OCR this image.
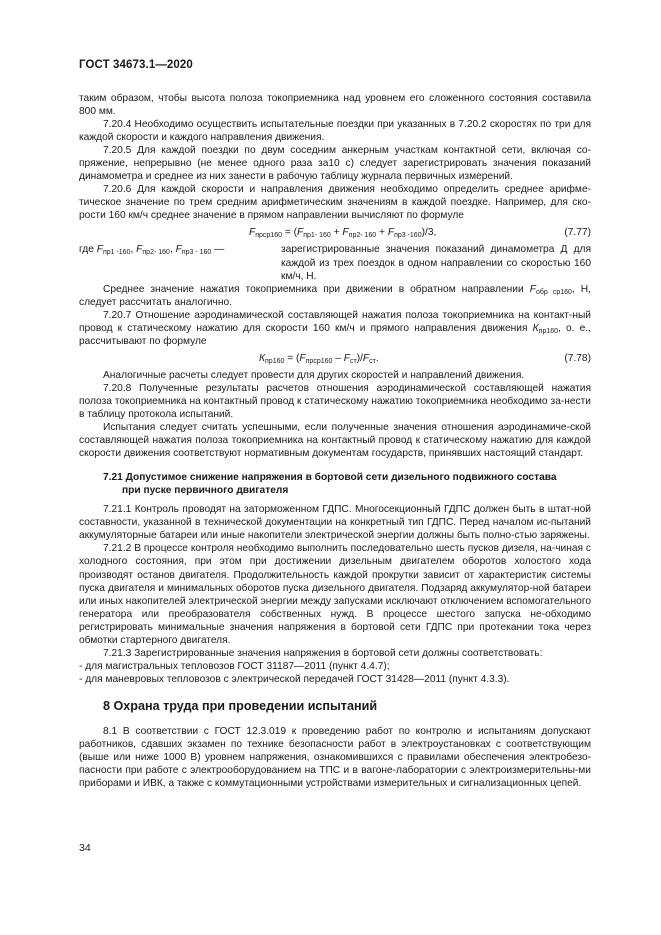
ГОСТ 34673.1—2020

таким образом, чтобы высота полоза токоприемника над уровнем его сложенного состояния составила 800 мм.

7.20.4 Необходимо осуществить испытательные поездки при указанных в 7.20.2 скоростях по три для каждой скорости и каждого направления движения.

7.20.5 Для каждой поездки по двум соседним анкерным участкам контактной сети, включая со-пряжение, непрерывно (не менее одного раза за10 с) следует зарегистрировать значения показаний динамометра и среднее из них занести в рабочую таблицу журнала первичных измерений.

7.20.6 Для каждой скорости и направления движения необходимо определить среднее арифме-тическое значение по трем средним арифметическим значениям в каждой поездке. Например, для ско-рости 160 км/ч среднее значение в прямом направлении вычисляют по формуле

$F_{прср160} = (F_{пр1- 160} + F_{пр2- 160} + F_{пр3 -160})/3$,	(7.77)
где $F_{пр1 -160}$, $F_{пр2- 160}$, $F_{пр3 - 160}$ —	зарегистрированные значения показаний динамометра Д для каждой из трех поездок в одном направлении со скоростью 160 км/ч, Н.

Среднее значение нажатия токоприемника при движении в обратном направлении $F_{обр ср160}$, Н, следует рассчитать аналогично.

7.20.7 Отношение аэродинамической составляющей нажатия полоза токоприемника на контакт-ный провод к статическому нажатию для скорости 160 км/ч и прямого направления движения $К_{пр160}$, о. е., рассчитывают по формуле

$К_{пр160} = (F_{прср160} - F_{ст})/F_{ст}$.	(7.78)

Аналогичные расчеты следует провести для других скоростей и направлений движения.

7.20.8 Полученные результаты расчетов отношения аэродинамической составляющей нажатия полоза токоприемника на контактный провод к статическому нажатию токоприемника необходимо за-нести в таблицу протокола испытаний.

Испытания следует считать успешными, если полученные значения отношения аэродинамиче-ской составляющей нажатия полоза токоприемника на контактный провод к статическому нажатию для каждой скорости движения соответствуют нормативным документам государств, принявших настоящий стандарт.

7.21 Допустимое снижение напряжения в бортовой сети дизельного подвижного состава
при пуске первичного двигателя

7.21.1 Контроль проводят на заторможенном ГДПС. Многосекционный ГДПС должен быть в штат-ной составности, указанной в технической документации на конкретный тип ГДПС. Перед началом ис-пытаний аккумуляторные батареи или иные накопители электрической энергии должны быть полно-стью заряжены.

7.21.2 В процессе контроля необходимо выполнить последовательно шесть пусков дизеля, на-чиная с холодного состояния, при этом при достижении дизельным двигателем оборотов холостого хода производят останов двигателя. Продолжительность каждой прокрутки зависит от характеристик системы пуска двигателя и минимальных оборотов пуска дизельного двигателя. Подзаряд аккумулятор-ной батареи или иных накопителей электрической энергии между запусками исключают отключением вспомогательного генератора или преобразователя собственных нужд. В процессе шестого запуска не-обходимо регистрировать минимальные значения напряжения в бортовой сети ГДПС при протекании тока через обмотки стартерного двигателя.

7.21.3 Зарегистрированные значения напряжения в бортовой сети должны соответствовать:

- для магистральных тепловозов ГОСТ 31187—2011 (пункт 4.4.7);

- для маневровых тепловозов с электрической передачей ГОСТ 31428—2011 (пункт 4.3.3).

8 Охрана труда при проведении испытаний

8.1 В соответствии с ГОСТ 12.3.019 к проведению работ по контролю и испытаниям допускают работников, сдавших экзамен по технике безопасности работ в электроустановках с соответствующим (выше или ниже 1000 В) уровнем напряжения, ознакомившихся с правилами обеспечения электробезо-пасности при работе с электрооборудованием на ТПС и в вагоне-лаборатории с электроизмерительны-ми приборами и ИВК, а также с коммутационными устройствами измерительных и сигнализационных цепей.

34
